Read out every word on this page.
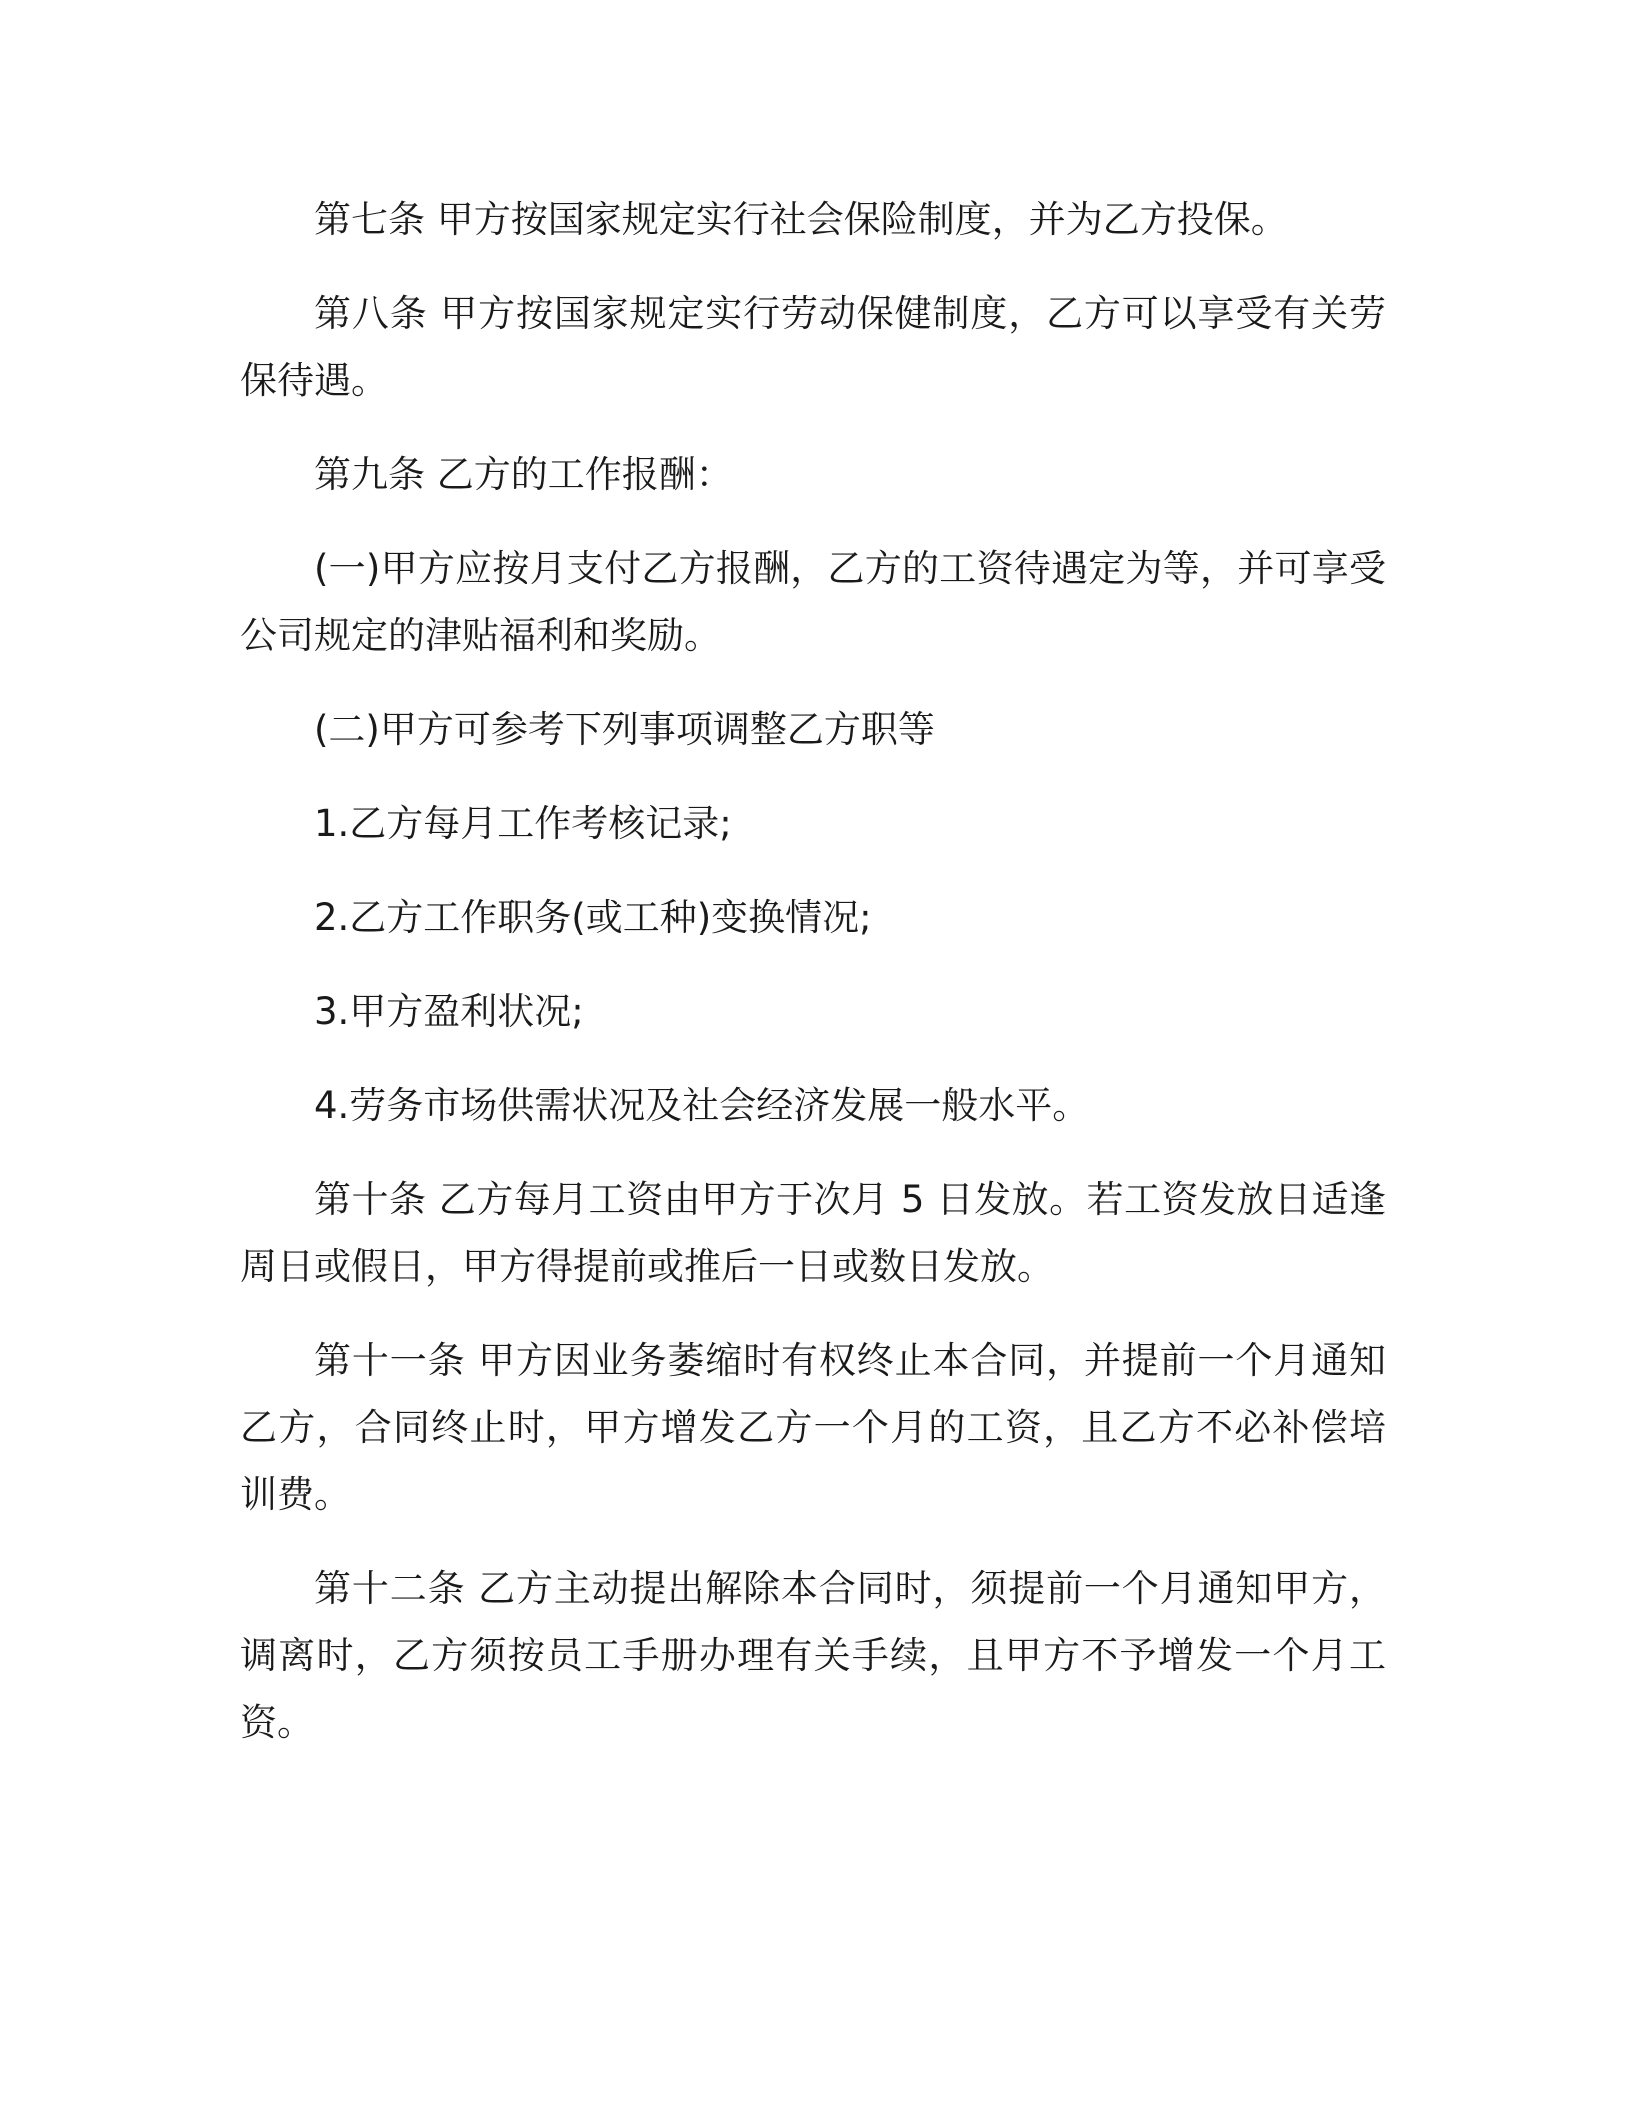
第七条 甲方按国家规定实行社会保险制度，并为乙方投保。

第八条 甲方按国家规定实行劳动保健制度，乙方可以享受有关劳保待遇。

第九条 乙方的工作报酬：

(一)甲方应按月支付乙方报酬，乙方的工资待遇定为等，并可享受公司规定的津贴福利和奖励。

(二)甲方可参考下列事项调整乙方职等

1.乙方每月工作考核记录;

2.乙方工作职务(或工种)变换情况;

3.甲方盈利状况;

4.劳务市场供需状况及社会经济发展一般水平。

第十条 乙方每月工资由甲方于次月 5 日发放。若工资发放日适逢周日或假日，甲方得提前或推后一日或数日发放。

第十一条 甲方因业务萎缩时有权终止本合同，并提前一个月通知乙方，合同终止时，甲方增发乙方一个月的工资，且乙方不必补偿培训费。

第十二条 乙方主动提出解除本合同时，须提前一个月通知甲方，调离时，乙方须按员工手册办理有关手续，且甲方不予增发一个月工资。
